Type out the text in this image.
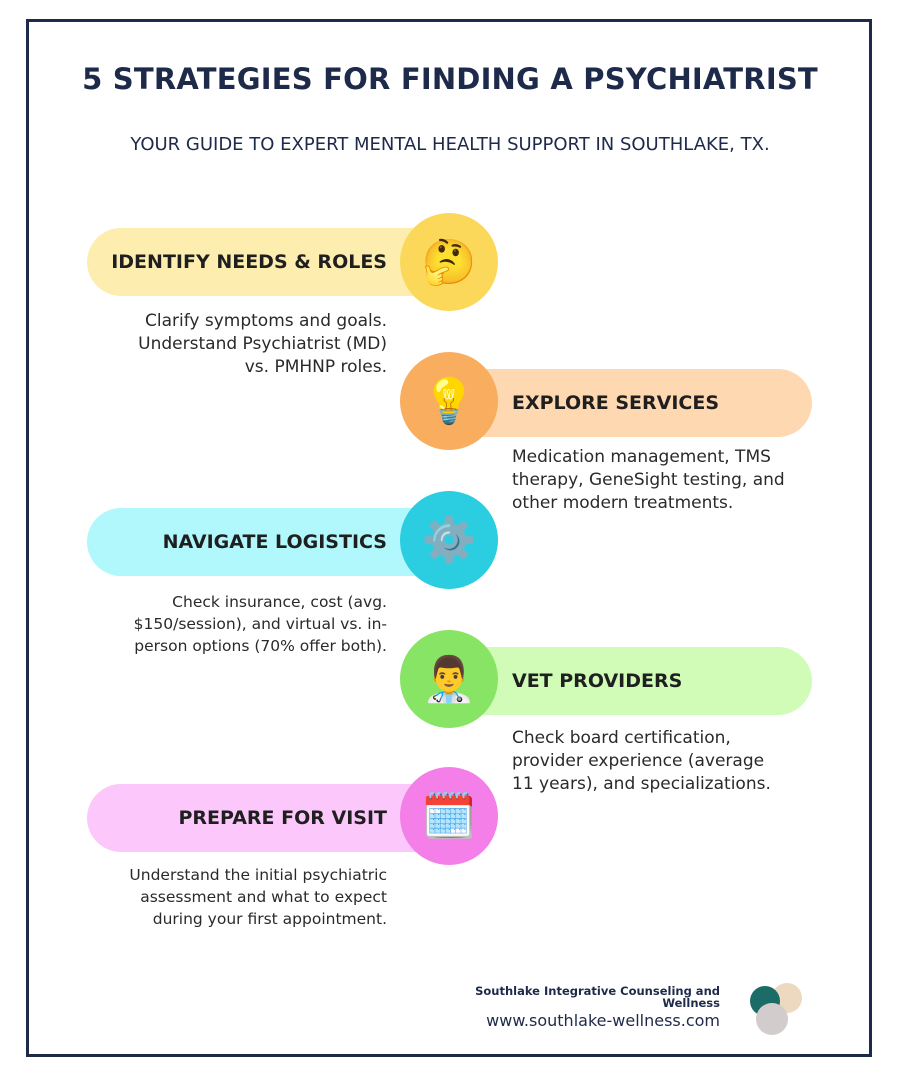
5 STRATEGIES FOR FINDING A PSYCHIATRIST
YOUR GUIDE TO EXPERT MENTAL HEALTH SUPPORT IN SOUTHLAKE, TX.
IDENTIFY NEEDS & ROLES 🤔
Clarify symptoms and goals.
Understand Psychiatrist (MD)
vs. PMHNP roles.
EXPLORE SERVICES
💡
Medication management, TMS
therapy, GeneSight testing, and
other modern treatments.
NAVIGATE LOGISTICS ⚙️
Check insurance, cost (avg.
$150/session), and virtual vs. in-
person options (70% offer both).
VET PROVIDERS
👨‍⚕️
Check board certification,
provider experience (average
11 years), and specializations.
PREPARE FOR VISIT 🗓️
Understand the initial psychiatric
assessment and what to expect
during your first appointment.
Southlake Integrative Counseling and Wellness
www.southlake-wellness.com
